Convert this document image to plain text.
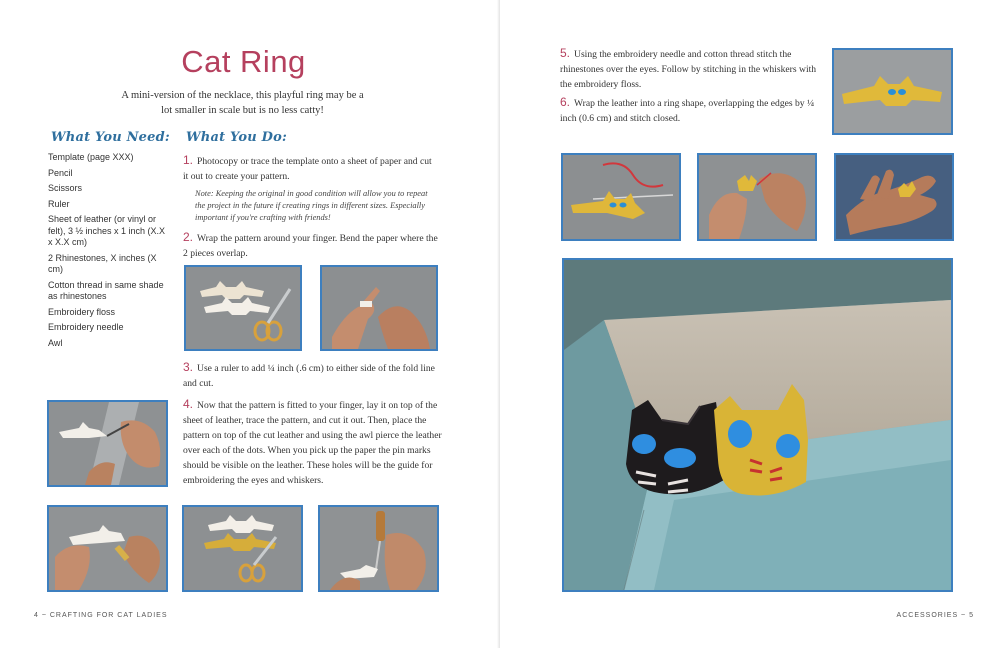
Cat Ring
A mini-version of the necklace, this playful ring may be a lot smaller in scale but is no less catty!
What You Need:
Template (page XXX)
Pencil
Scissors
Ruler
Sheet of leather (or vinyl or felt), 3 ½ inches x 1 inch (X.X x X.X cm)
2 Rhinestones, X inches (X cm)
Cotton thread in same shade as rhinestones
Embroidery floss
Embroidery needle
Awl
What You Do:
1. Photocopy or trace the template onto a sheet of paper and cut it out to create your pattern.
Note: Keeping the original in good condition will allow you to repeat the project in the future if creating rings in different sizes. Especially important if you're crafting with friends!
2. Wrap the pattern around your finger. Bend the paper where the 2 pieces overlap.
3. Use a ruler to add ¼ inch (.6 cm) to either side of the fold line and cut.
4. Now that the pattern is fitted to your finger, lay it on top of the sheet of leather, trace the pattern, and cut it out. Then, place the pattern on top of the cut leather and using the awl pierce the leather over each of the dots. When you pick up the paper the pin marks should be visible on the leather. These holes will be the guide for embroidering the eyes and whiskers.
4 ~ CRAFTING FOR CAT LADIES
5. Using the embroidery needle and cotton thread stitch the rhinestones over the eyes. Follow by stitching in the whiskers with the embroidery floss.
6. Wrap the leather into a ring shape, overlapping the edges by ¼ inch (0.6 cm) and stitch closed.
ACCESSORIES ~ 5
